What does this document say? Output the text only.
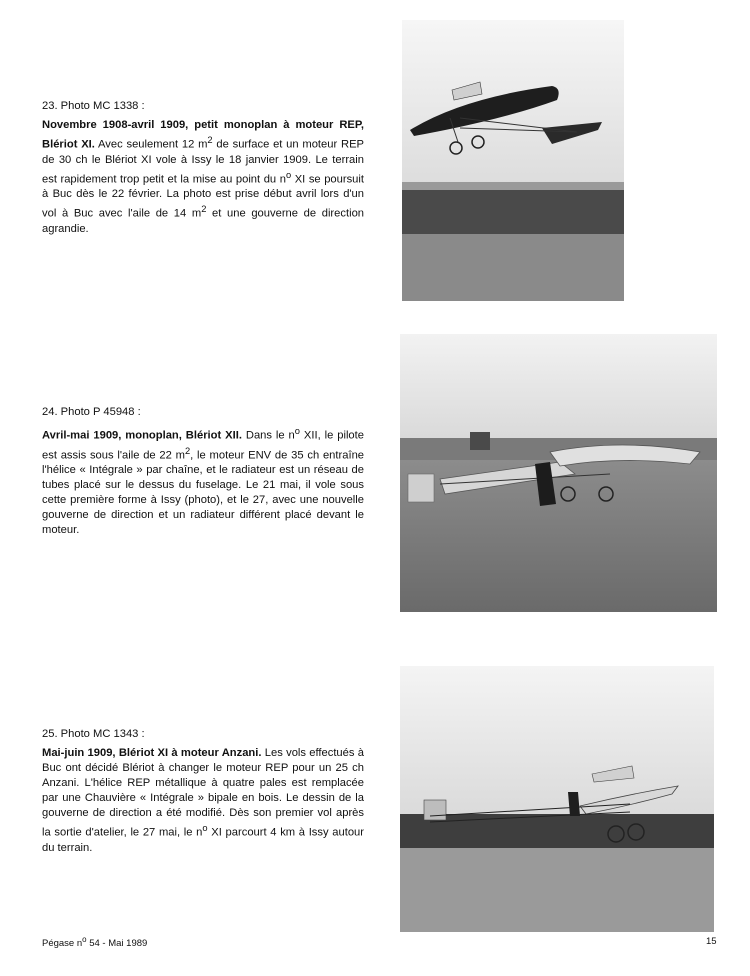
23. Photo MC 1338 :
Novembre 1908-avril 1909, petit monoplan à moteur REP, Blériot XI. Avec seulement 12 $m^2$ de surface et un moteur REP de 30 ch le Blériot XI vole à Issy le 18 janvier 1909. Le terrain est rapidement trop petit et la mise au point du $n^o$ XI se poursuit à Buc dès le 22 février. La photo est prise début avril lors d'un vol à Buc avec l'aile de 14 $m^2$ et une gouverne de direction agrandie.
24. Photo P 45948 :
Avril-mai 1909, monoplan, Blériot XII. Dans le $n^o$ XII, le pilote est assis sous l'aile de 22 $m^2$, le moteur ENV de 35 ch entraîne l'hélice « Intégrale » par chaîne, et le radiateur est un réseau de tubes placé sur le dessus du fuselage. Le 21 mai, il vole sous cette première forme à Issy (photo), et le 27, avec une nouvelle gouverne de direction et un radiateur différent placé devant le moteur.
25. Photo MC 1343 :
Mai-juin 1909, Blériot XI à moteur Anzani. Les vols effectués à Buc ont décidé Blériot à changer le moteur REP pour un 25 ch Anzani. L'hélice REP métallique à quatre pales est remplacée par une Chauvière « Intégrale » bipale en bois. Le dessin de la gouverne de direction a été modifié. Dès son premier vol après la sortie d'atelier, le 27 mai, le $n^o$ XI parcourt 4 km à Issy autour du terrain.
Pégase $n^o$ 54 - Mai 1989	15
